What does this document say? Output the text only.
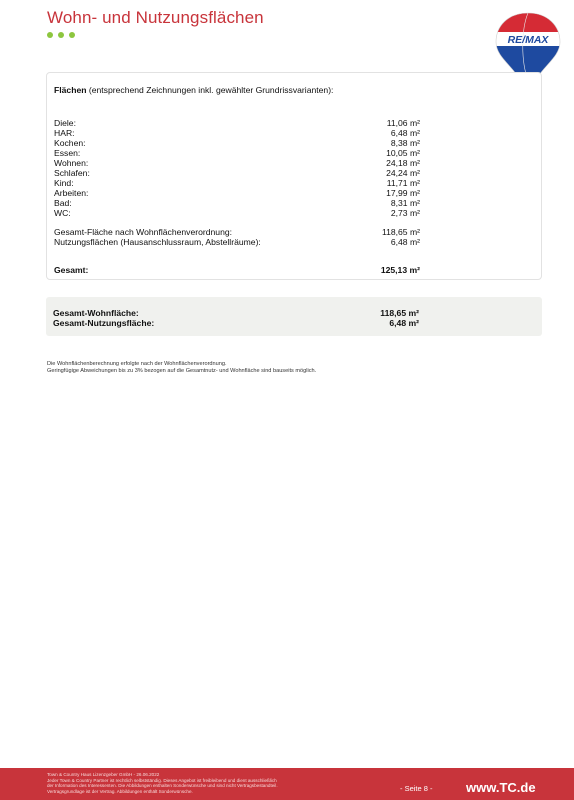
Wohn- und Nutzungsflächen
RE/MAX
Flächen (entsprechend Zeichnungen inkl. gewählter Grundrissvarianten):
Diele:	11,06 m²
HAR:	6,48 m²
Kochen:	8,38 m²
Essen:	10,05 m²
Wohnen:	24,18 m²
Schlafen:	24,24 m²
Kind:	11,71 m²
Arbeiten:	17,99 m²
Bad:	8,31 m²
WC:	2,73 m²
Gesamt-Fläche nach Wohnflächenverordnung:	118,65 m²
Nutzungsflächen (Hausanschlussraum, Abstellräume):	6,48 m²
Gesamt:	125,13 m²
Gesamt-Wohnfläche:	118,65 m²
Gesamt-Nutzungsfläche:	6,48 m²
Die Wohnflächenberechnung erfolgte nach der Wohnflächenverordnung.
Geringfügige Abweichungen bis zu 3% bezogen auf die Gesamtnutz- und Wohnfläche sind bauseits möglich.
Town & Country Haus Lizenzgeber GmbH - 26.06.2022
Jeder Town & Country Partner ist rechtlich selbstständig. Dieses Angebot ist freibleibend und dient ausschließlich
der Information des Interessenten. Die Abbildungen enthalten Sonderwünsche und sind nicht Vertragsbestandteil.
Vertragsgrundlage ist der Vertrag. Abbildungen enthält Sonderwünsche.	- Seite 8 -	www.TC.de
